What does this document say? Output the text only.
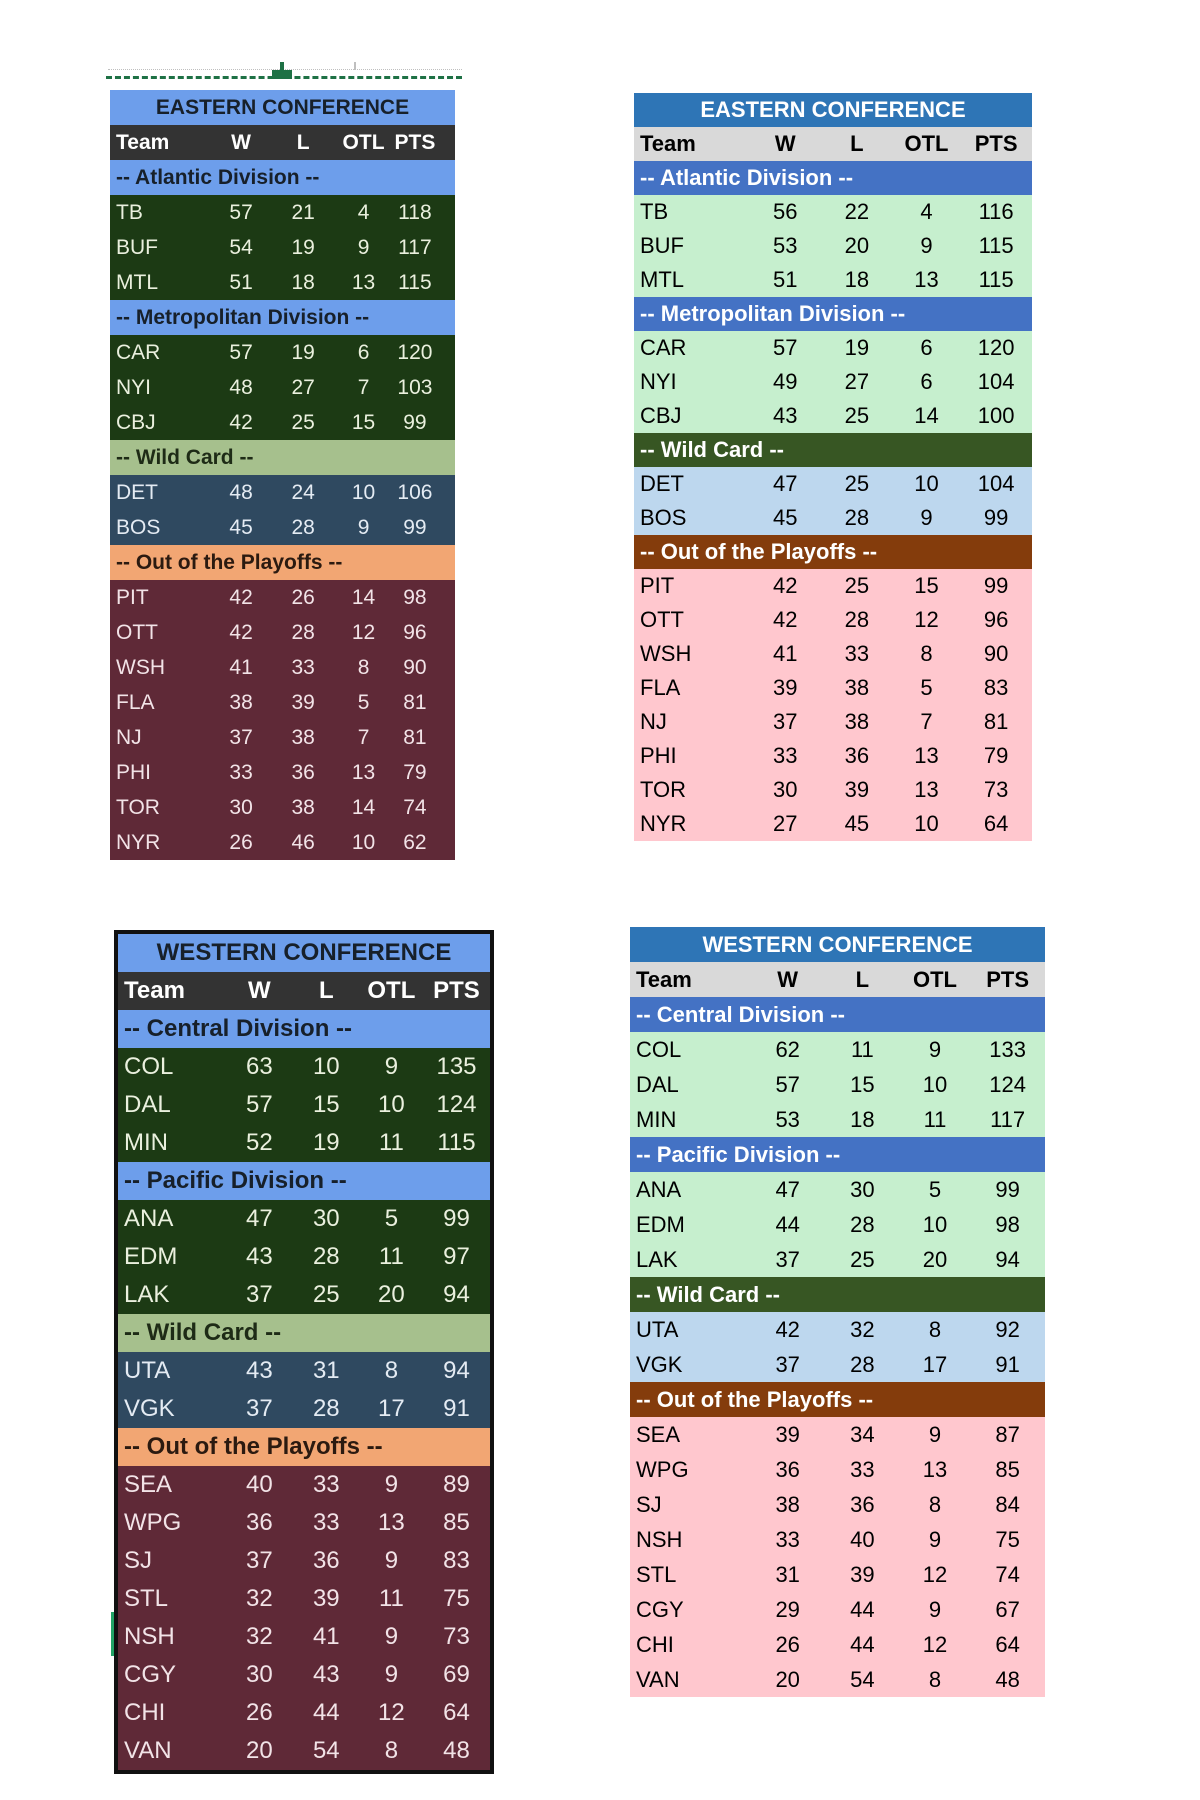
EASTERN CONFERENCE
Team	W	L	OTL PTS
-- Atlantic Division --
TB	57	21	4	118
BUF	54	19	9	117
MTL	51	18	13	115
-- Metropolitan Division --
CAR	57	19	6	120
NYI	48	27	7	103
CBJ	42	25	15	99
-- Wild Card --
DET	48	24	10	106
BOS	45	28	9	99
-- Out of the Playoffs --
PIT	42	26	14	98
OTT	42	28	12	96
WSH	41	33	8	90
FLA	38	39	5	81
NJ	37	38	7	81
PHI	33	36	13	79
TOR	30	38	14	74
NYR	26	46	10	62
EASTERN CONFERENCE
Team	W	L	OTL	PTS
-- Atlantic Division --
TB	56	22	4	116
BUF	53	20	9	115
MTL	51	18	13	115
-- Metropolitan Division --
CAR	57	19	6	120
NYI	49	27	6	104
CBJ	43	25	14	100
-- Wild Card --
DET	47	25	10	104
BOS	45	28	9	99
-- Out of the Playoffs --
PIT	42	25	15	99
OTT	42	28	12	96
WSH	41	33	8	90
FLA	39	38	5	83
NJ	37	38	7	81
PHI	33	36	13	79
TOR	30	39	13	73
NYR	27	45	10	64
WESTERN CONFERENCE
Team	W	L	OTL PTS
-- Central Division --
COL	63	10	9	135
DAL	57	15	10	124
MIN	52	19	11	115
-- Pacific Division --
ANA	47	30	5	99
EDM	43	28	11	97
LAK	37	25	20	94
-- Wild Card --
UTA	43	31	8	94
VGK	37	28	17	91
-- Out of the Playoffs --
SEA	40	33	9	89
WPG	36	33	13	85
SJ	37	36	9	83
STL	32	39	11	75
NSH	32	41	9	73
CGY	30	43	9	69
CHI	26	44	12	64
VAN	20	54	8	48
WESTERN CONFERENCE
Team	W	L	OTL	PTS
-- Central Division --
COL	62	11	9	133
DAL	57	15	10	124
MIN	53	18	11	117
-- Pacific Division --
ANA	47	30	5	99
EDM	44	28	10	98
LAK	37	25	20	94
-- Wild Card --
UTA	42	32	8	92
VGK	37	28	17	91
-- Out of the Playoffs --
SEA	39	34	9	87
WPG	36	33	13	85
SJ	38	36	8	84
NSH	33	40	9	75
STL	31	39	12	74
CGY	29	44	9	67
CHI	26	44	12	64
VAN	20	54	8	48
